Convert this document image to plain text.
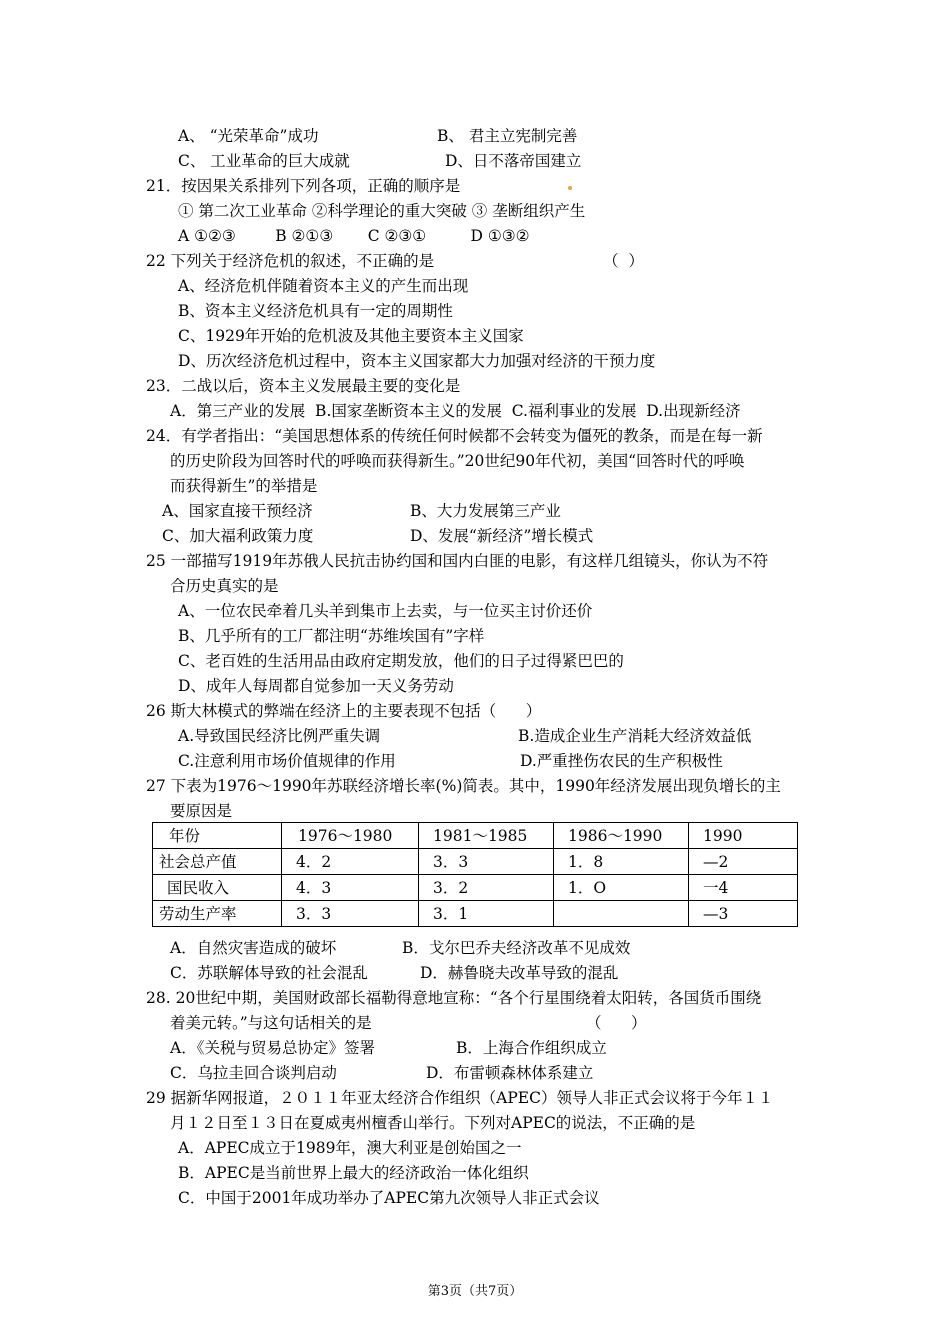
A、 “光荣革命”成功	B、 君主立宪制完善
C、 工业革命的巨大成就	D、日不落帝国建立
21．按因果关系排列下列各项，正确的顺序是
① 第二次工业革命 ②科学理论的重大突破 ③ 垄断组织产生
A ①②③        B ②①③       C ②③①         D ①③②
22 下列关于经济危机的叙述，不正确的是	（  ）
A、经济危机伴随着资本主义的产生而出现
B、资本主义经济危机具有一定的周期性
C、1929年开始的危机波及其他主要资本主义国家
D、历次经济危机过程中，资本主义国家都大力加强对经济的干预力度
23．二战以后，资本主义发展最主要的变化是
A．第三产业的发展  B.国家垄断资本主义的发展  C.福利事业的发展  D.出现新经济
24．有学者指出：“美国思想体系的传统任何时候都不会转变为僵死的教条，而是在每一新
的历史阶段为回答时代的呼唤而获得新生。”20世纪90年代初，美国“回答时代的呼唤
而获得新生”的举措是
A、国家直接干预经济	B、大力发展第三产业
C、加大福利政策力度	D、发展“新经济”增长模式
25 一部描写1919年苏俄人民抗击协约国和国内白匪的电影，有这样几组镜头，你认为不符
合历史真实的是
A、一位农民牵着几头羊到集市上去卖，与一位买主讨价还价
B、几乎所有的工厂都注明“苏维埃国有”字样
C、老百姓的生活用品由政府定期发放，他们的日子过得紧巴巴的
D、成年人每周都自觉参加一天义务劳动
26 斯大林模式的弊端在经济上的主要表现不包括（      ）
A.导致国民经济比例严重失调	B.造成企业生产消耗大经济效益低
C.注意利用市场价值规律的作用	D.严重挫伤农民的生产积极性
27 下表为1976～1990年苏联经济增长率(%)简表。其中，1990年经济发展出现负增长的主
要原因是
年份	1976～1980	1981～1985	1986～1990	1990
社会总产值	4．2	3．3	1．8	—2
国民收入	4．3	3．2	1．O	一4
劳动生产率	3．3	3．1		—3
A．自然灾害造成的破坏	B．戈尔巴乔夫经济改革不见成效
C．苏联解体导致的社会混乱	D．赫鲁晓夫改革导致的混乱
28. 20世纪中期，美国财政部长福勒得意地宣称：“各个行星围绕着太阳转，各国货币围绕
着美元转。”与这句话相关的是	（      ）
A．《关税与贸易总协定》签署	B．上海合作组织成立
C．乌拉圭回合谈判启动	D．布雷顿森林体系建立
29 据新华网报道，２０１１年亚太经济合作组织（APEC）领导人非正式会议将于今年１１
月１２日至１３日在夏威夷州檀香山举行。下列对APEC的说法，不正确的是
A．APEC成立于1989年，澳大利亚是创始国之一
B．APEC是当前世界上最大的经济政治一体化组织
C．中国于2001年成功举办了APEC第九次领导人非正式会议
第3页（共7页）
